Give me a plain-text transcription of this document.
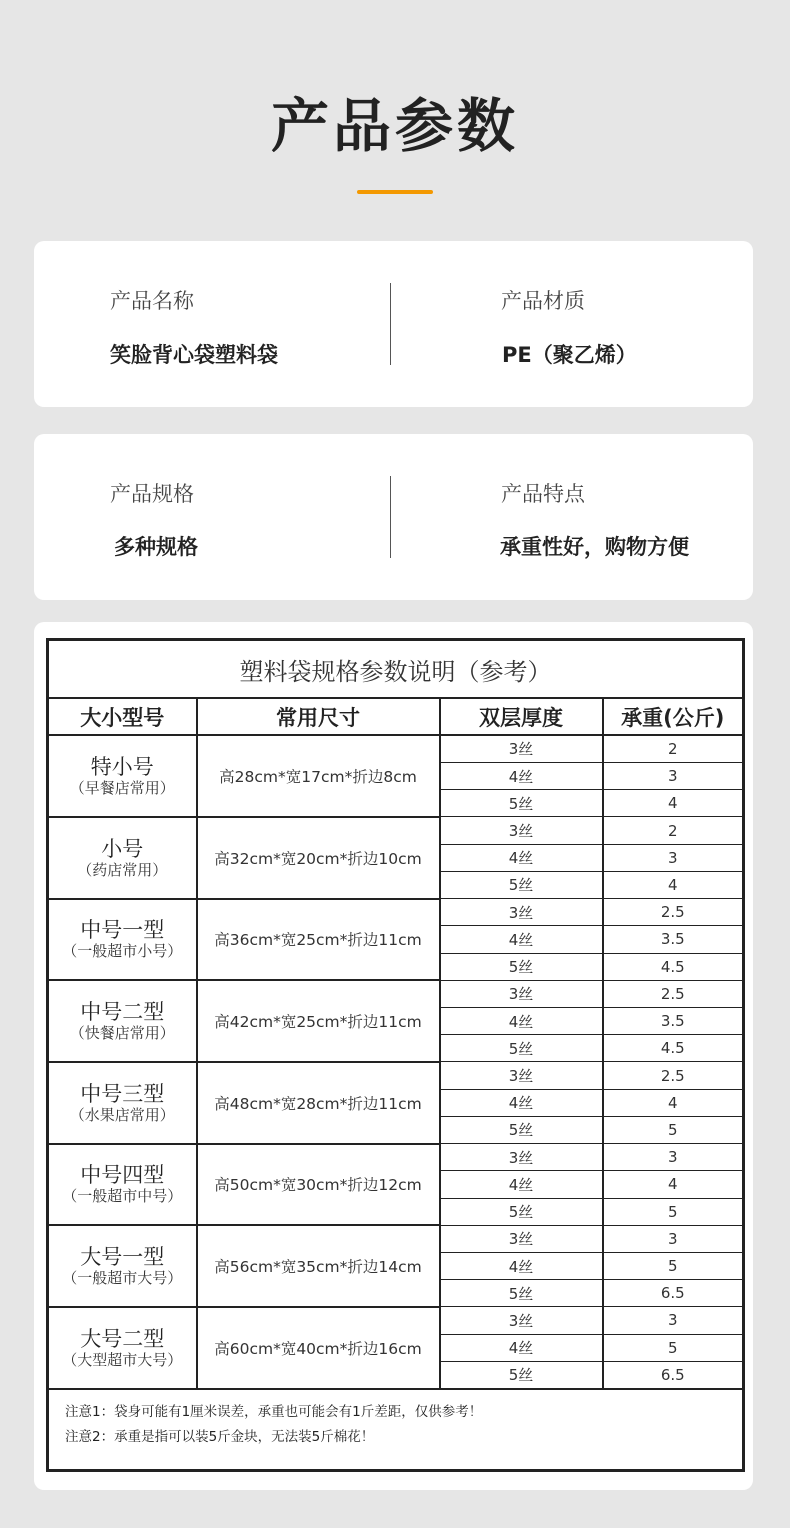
产品参数
产品名称
笑脸背心袋塑料袋
产品材质
PE（聚乙烯）
产品规格
多种规格
产品特点
承重性好，购物方便
塑料袋规格参数说明（参考）			
大小型号	常用尺寸	双层厚度	承重(公斤)

特小号
（早餐店常用）	高28cm*宽17cm*折边8cm	3丝	2
		4丝	3
		5丝	4

小号
（药店常用）	高32cm*宽20cm*折边10cm	3丝	2
		4丝	3
		5丝	4

中号一型
（一般超市小号）	高36cm*宽25cm*折边11cm	3丝	2.5
		4丝	3.5
		5丝	4.5

中号二型
（快餐店常用）	高42cm*宽25cm*折边11cm	3丝	2.5
		4丝	3.5
		5丝	4.5

中号三型
（水果店常用）	高48cm*宽28cm*折边11cm	3丝	2.5
		4丝	4
		5丝	5

中号四型
（一般超市中号）	高50cm*宽30cm*折边12cm	3丝	3
		4丝	4
		5丝	5

大号一型
（一般超市大号）	高56cm*宽35cm*折边14cm	3丝	3
		4丝	5
		5丝	6.5

大号二型
（大型超市大号）	高60cm*宽40cm*折边16cm	3丝	3
		4丝	5
		5丝	6.5

注意1：袋身可能有1厘米误差，承重也可能会有1斤差距，仅供参考！
注意2：承重是指可以装5斤金块，无法装5斤棉花！			
